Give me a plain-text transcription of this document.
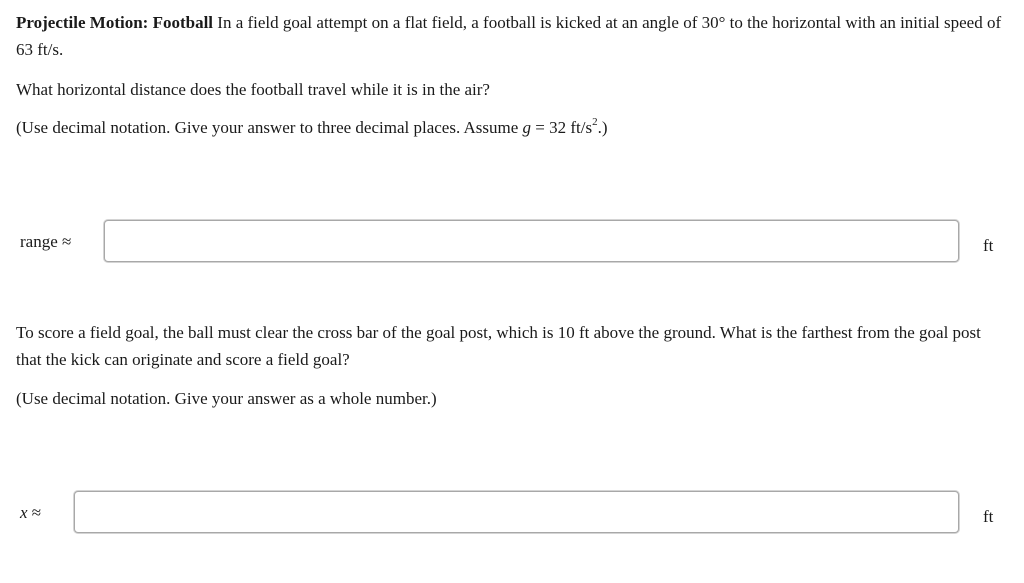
Projectile Motion: Football In a field goal attempt on a flat field, a football is kicked at an angle of 30° to the horizontal with an initial speed of 63 ft/s.

What horizontal distance does the football travel while it is in the air?

(Use decimal notation. Give your answer to three decimal places. Assume g = 32 $ft/s^2$.)

range ≈	ft

To score a field goal, the ball must clear the cross bar of the goal post, which is 10 ft above the ground. What is the farthest from the goal post that the kick can originate and score a field goal?

(Use decimal notation. Give your answer as a whole number.)

x ≈	ft
